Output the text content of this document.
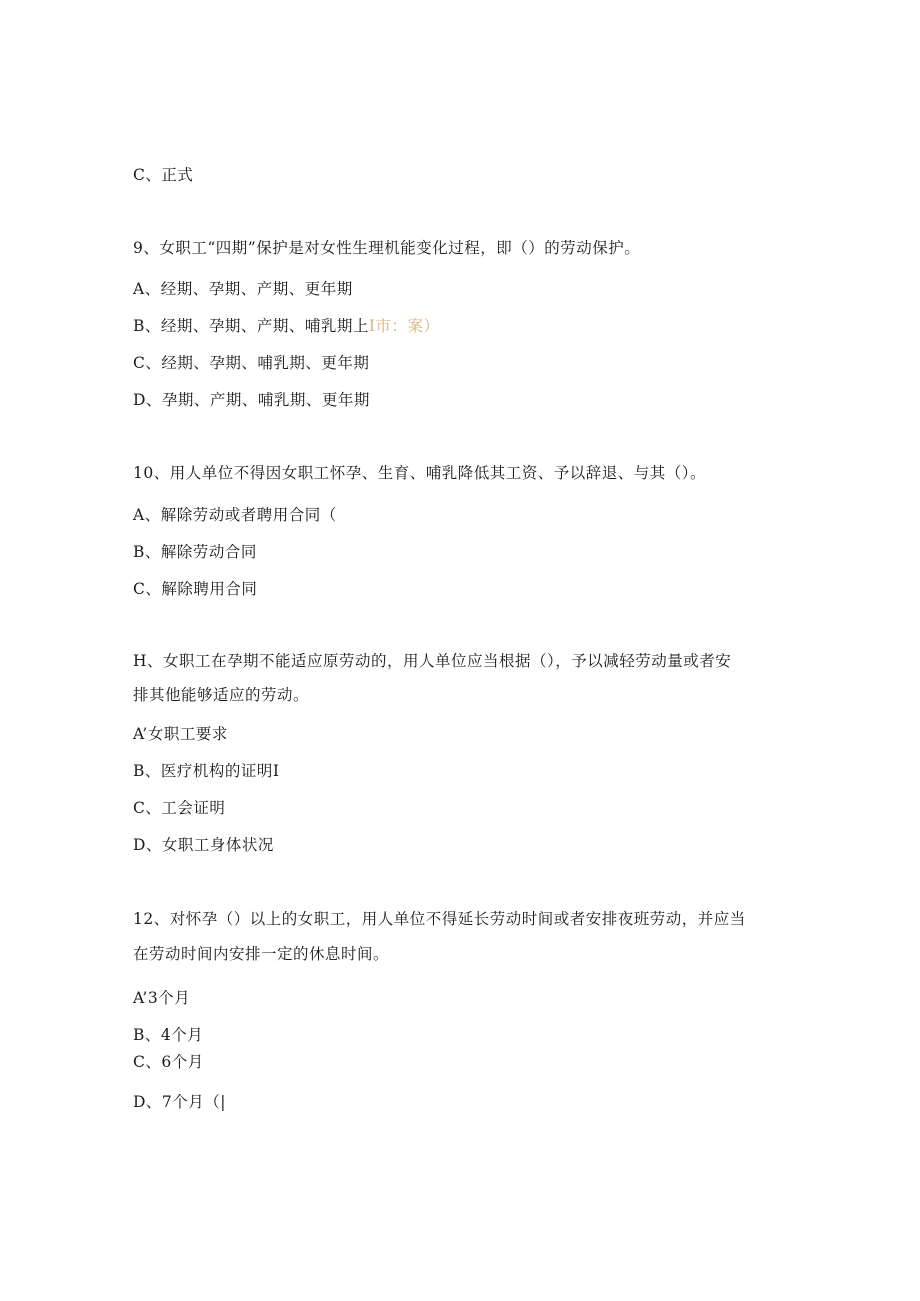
C、正式
9、女职工“四期”保护是对女性生理机能变化过程，即（）的劳动保护。
A、经期、孕期、产期、更年期
B、经期、孕期、产期、哺乳期上I市：案）
C、经期、孕期、哺乳期、更年期
D、孕期、产期、哺乳期、更年期
10、用人单位不得因女职工怀孕、生育、哺乳降低其工资、予以辞退、与其（）。
A、解除劳动或者聘用合同（
B、解除劳动合同
C、解除聘用合同
H、女职工在孕期不能适应原劳动的，用人单位应当根据（），予以减轻劳动量或者安
排其他能够适应的劳动。
A’女职工要求
B、医疗机构的证明I
C、工会证明
D、女职工身体状况
12、对怀孕（）以上的女职工，用人单位不得延长劳动时间或者安排夜班劳动，并应当
在劳动时间内安排一定的休息时间。
A’3个月
B、4个月
C、6个月
D、7个月（|
